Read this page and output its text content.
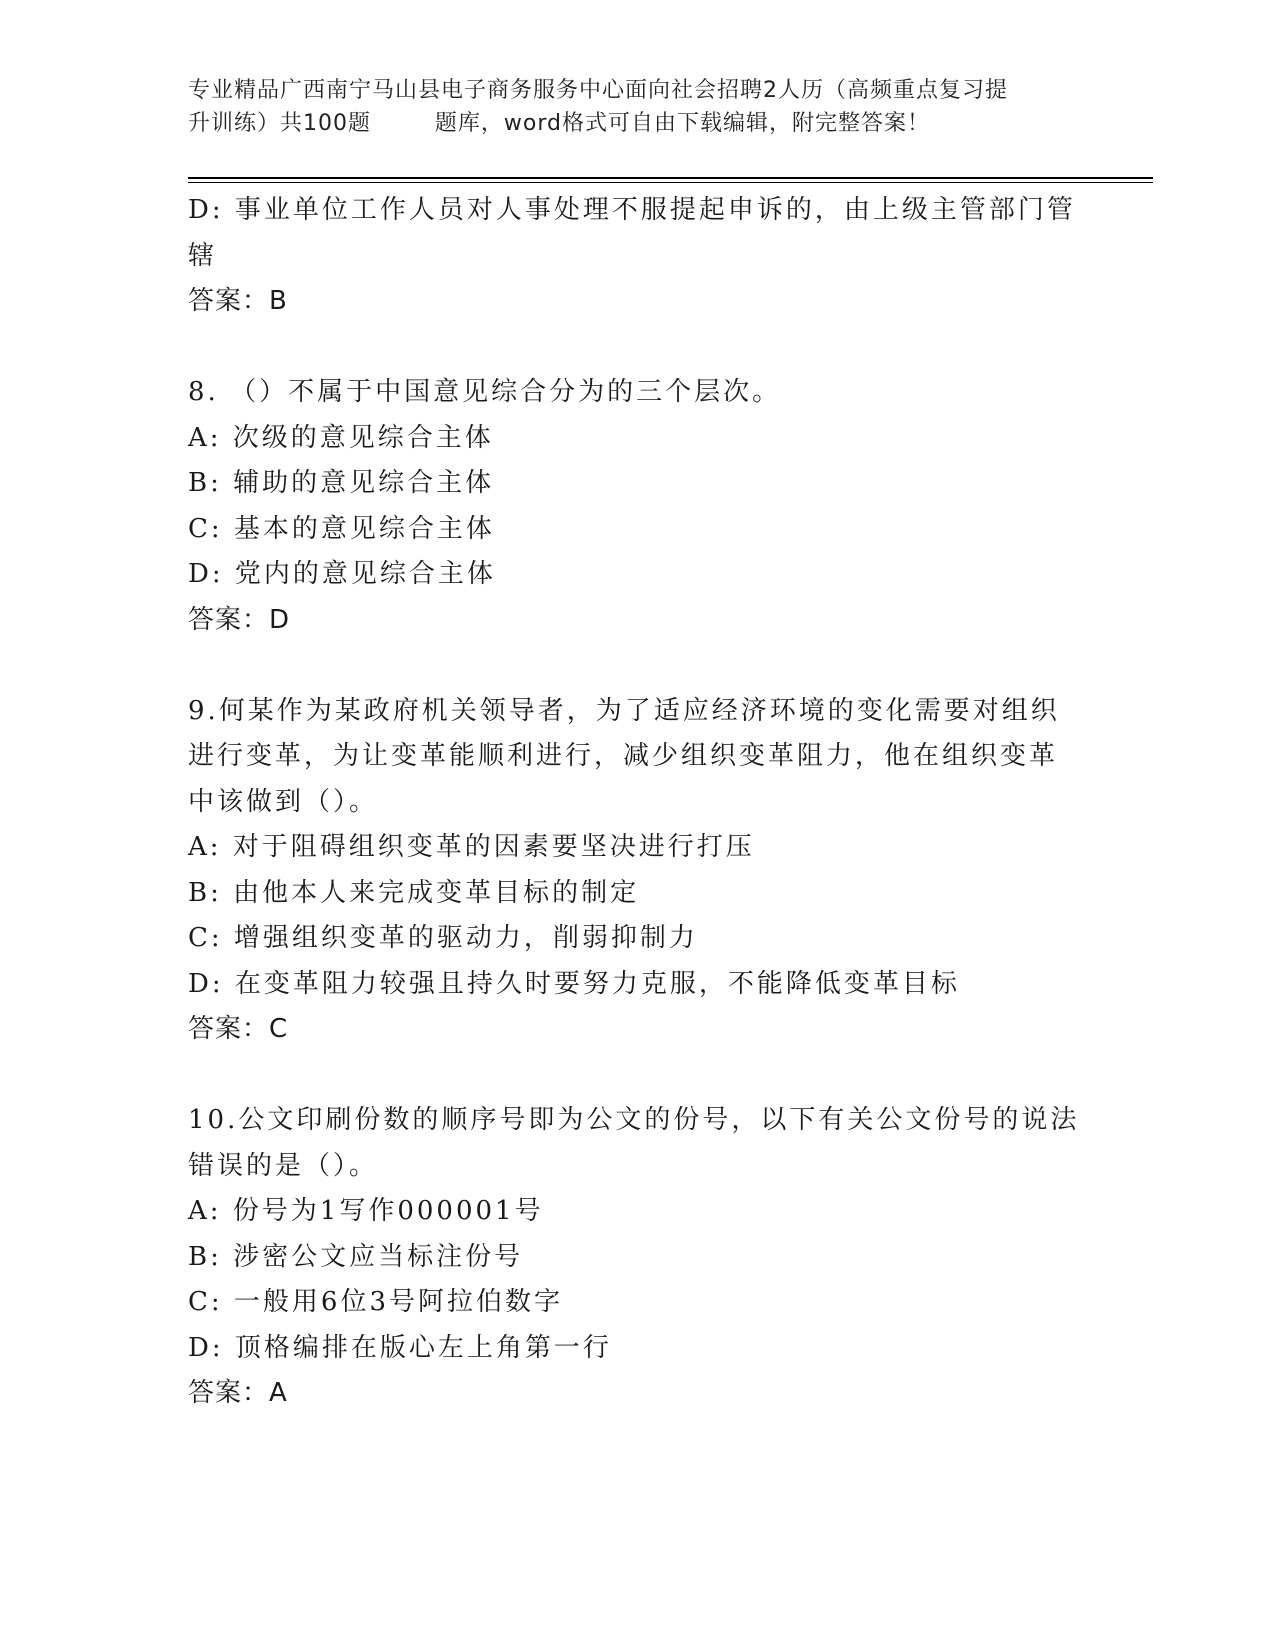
专业精品广西南宁马山县电子商务服务中心面向社会招聘2人历（高频重点复习提
升训练）共100题        题库，word格式可自由下载编辑，附完整答案！
D: 事业单位工作人员对人事处理不服提起申诉的，由上级主管部门管
辖
答案：B
8. （）不属于中国意见综合分为的三个层次。
A: 次级的意见综合主体
B: 辅助的意见综合主体
C: 基本的意见综合主体
D: 党内的意见综合主体
答案：D
9.何某作为某政府机关领导者，为了适应经济环境的变化需要对组织
进行变革，为让变革能顺利进行，减少组织变革阻力，他在组织变革
中该做到（）。
A: 对于阻碍组织变革的因素要坚决进行打压
B: 由他本人来完成变革目标的制定
C: 增强组织变革的驱动力，削弱抑制力
D: 在变革阻力较强且持久时要努力克服，不能降低变革目标
答案：C
10.公文印刷份数的顺序号即为公文的份号，以下有关公文份号的说法
错误的是（）。
A: 份号为1写作000001号
B: 涉密公文应当标注份号
C: 一般用6位3号阿拉伯数字
D: 顶格编排在版心左上角第一行
答案：A
